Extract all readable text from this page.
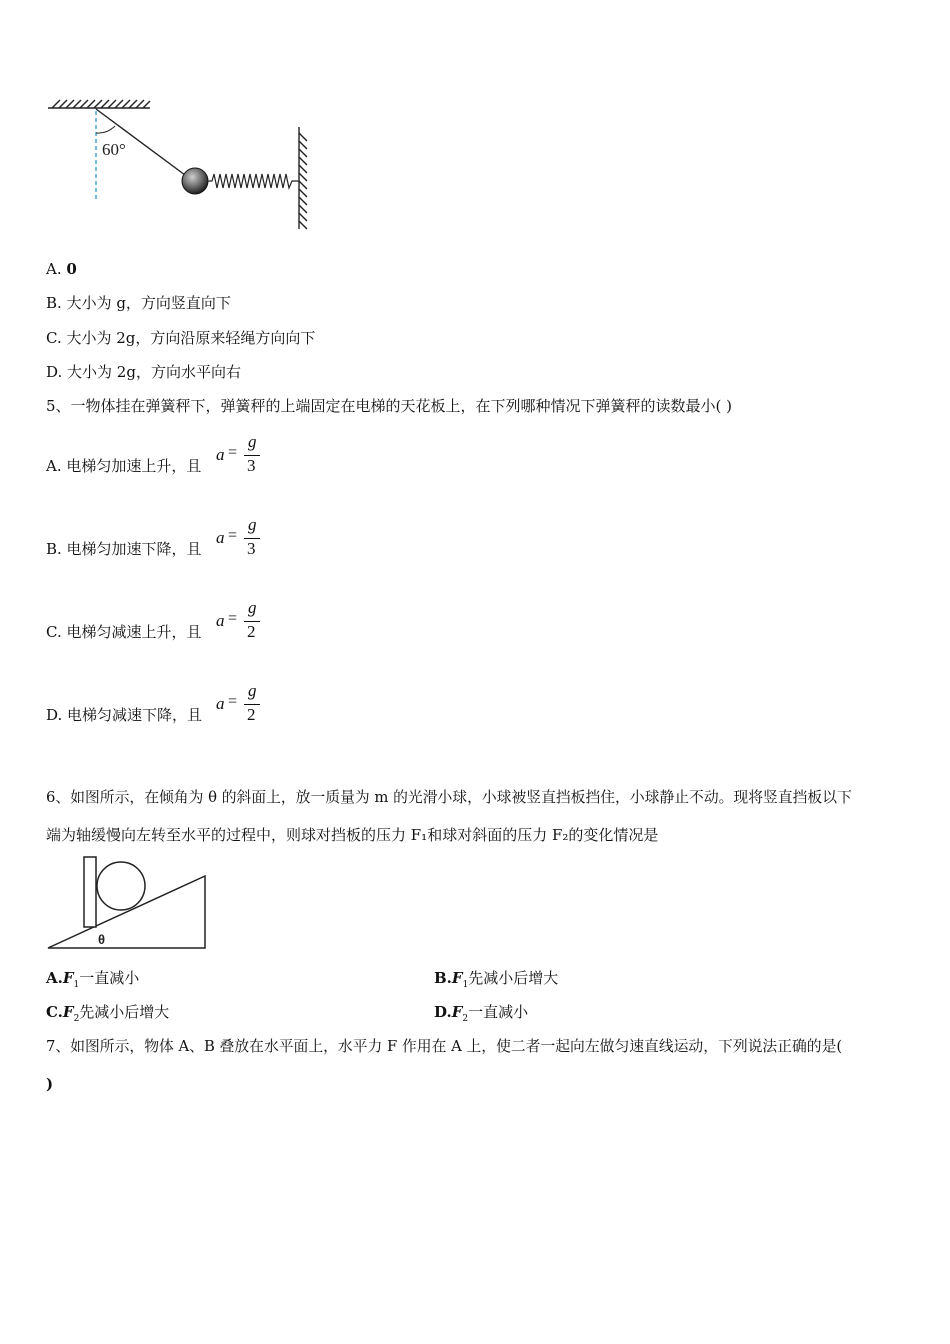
60°
A. 0
B. 大小为 g，方向竖直向下
C. 大小为 2g，方向沿原来轻绳方向向下
D. 大小为 2g，方向水平向右
5、一物体挂在弹簧秤下，弹簧秤的上端固定在电梯的天花板上，在下列哪种情况下弹簧秤的读数最小( )
A. 电梯匀加速上升，且
a =
g
3
B. 电梯匀加速下降，且
a =
g
3
C. 电梯匀减速上升，且
a =
g
2
D. 电梯匀减速下降，且
a =
g
2
6、如图所示，在倾角为 θ 的斜面上，放一质量为 m 的光滑小球，小球被竖直挡板挡住，小球静止不动。现将竖直挡板以下
端为轴缓慢向左转至水平的过程中，则球对挡板的压力 F₁和球对斜面的压力 F₂的变化情况是
θ
$A.F_1$一直减小	$B.F_1$先减小后增大
$C.F_2$先减小后增大	$D.F_2$一直减小
7、如图所示，物体 A、B 叠放在水平面上，水平力 F 作用在 A 上，使二者一起向左做匀速直线运动，下列说法正确的是(
)
